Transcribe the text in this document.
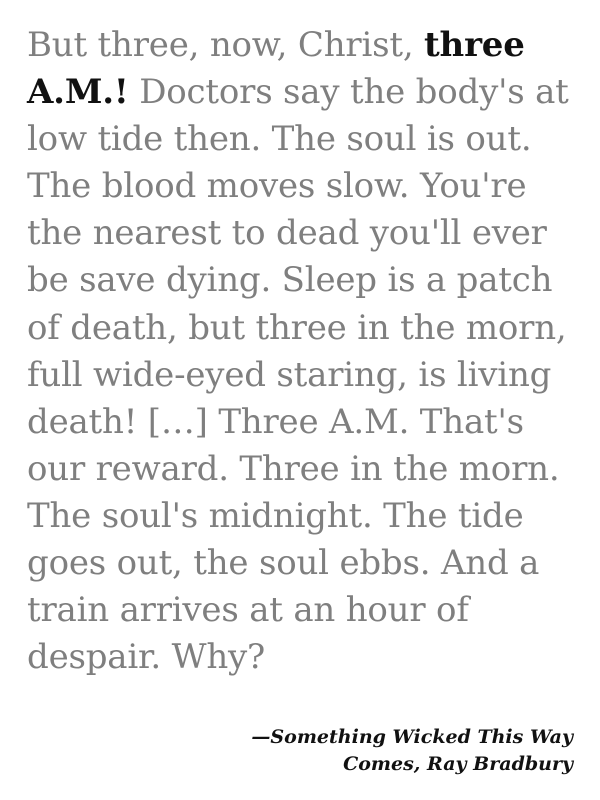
But three, now, Christ, three
A.M.! Doctors say the body's at
low tide then. The soul is out.
The blood moves slow. You're
the nearest to dead you'll ever
be save dying. Sleep is a patch
of death, but three in the morn,
full wide-eyed staring, is living
death! […] Three A.M. That's
our reward. Three in the morn.
The soul's midnight. The tide
goes out, the soul ebbs. And a
train arrives at an hour of
despair. Why?
—Something Wicked This Way
Comes, Ray Bradbury
